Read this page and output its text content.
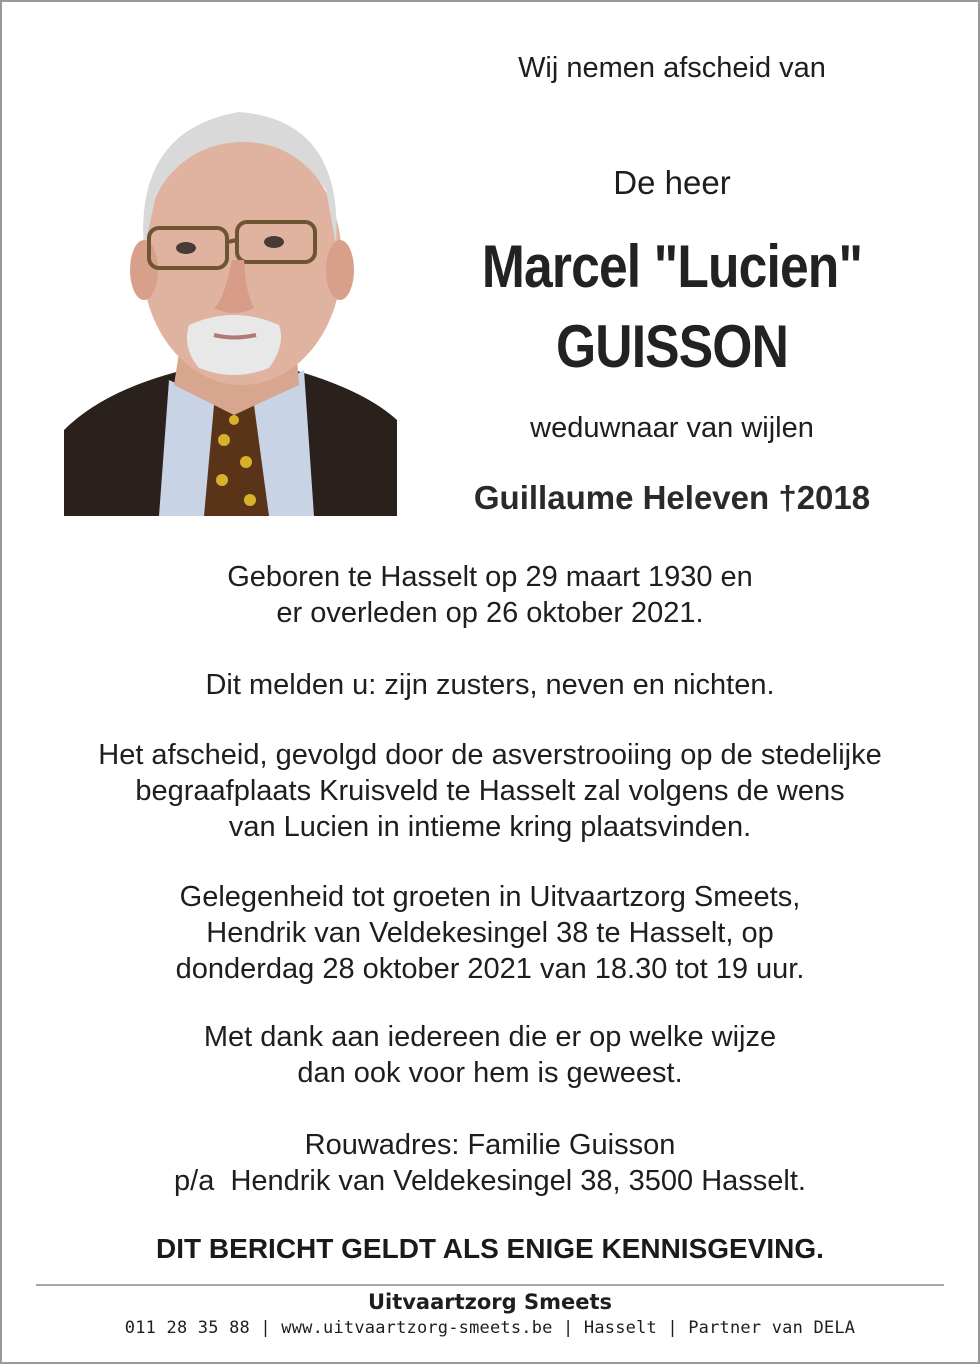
Wij nemen afscheid van
De heer
Marcel "Lucien"
GUISSON
weduwnaar van wijlen
Guillaume Heleven †2018

Geboren te Hasselt op 29 maart 1930 en

er overleden op 26 oktober 2021.

Dit melden u: zijn zusters, neven en nichten.

Het afscheid, gevolgd door de asverstrooiing op de stedelijke

begraafplaats Kruisveld te Hasselt zal volgens de wens

van Lucien in intieme kring plaatsvinden.

Gelegenheid tot groeten in Uitvaartzorg Smeets,

Hendrik van Veldekesingel 38 te Hasselt, op

donderdag 28 oktober 2021 van 18.30 tot 19 uur.

Met dank aan iedereen die er op welke wijze

dan ook voor hem is geweest.

Rouwadres: Familie Guisson

p/a  Hendrik van Veldekesingel 38, 3500 Hasselt.

DIT BERICHT GELDT ALS ENIGE KENNISGEVING.
Uitvaartzorg Smeets
011 28 35 88 | www.uitvaartzorg-smeets.be | Hasselt | Partner van DELA
